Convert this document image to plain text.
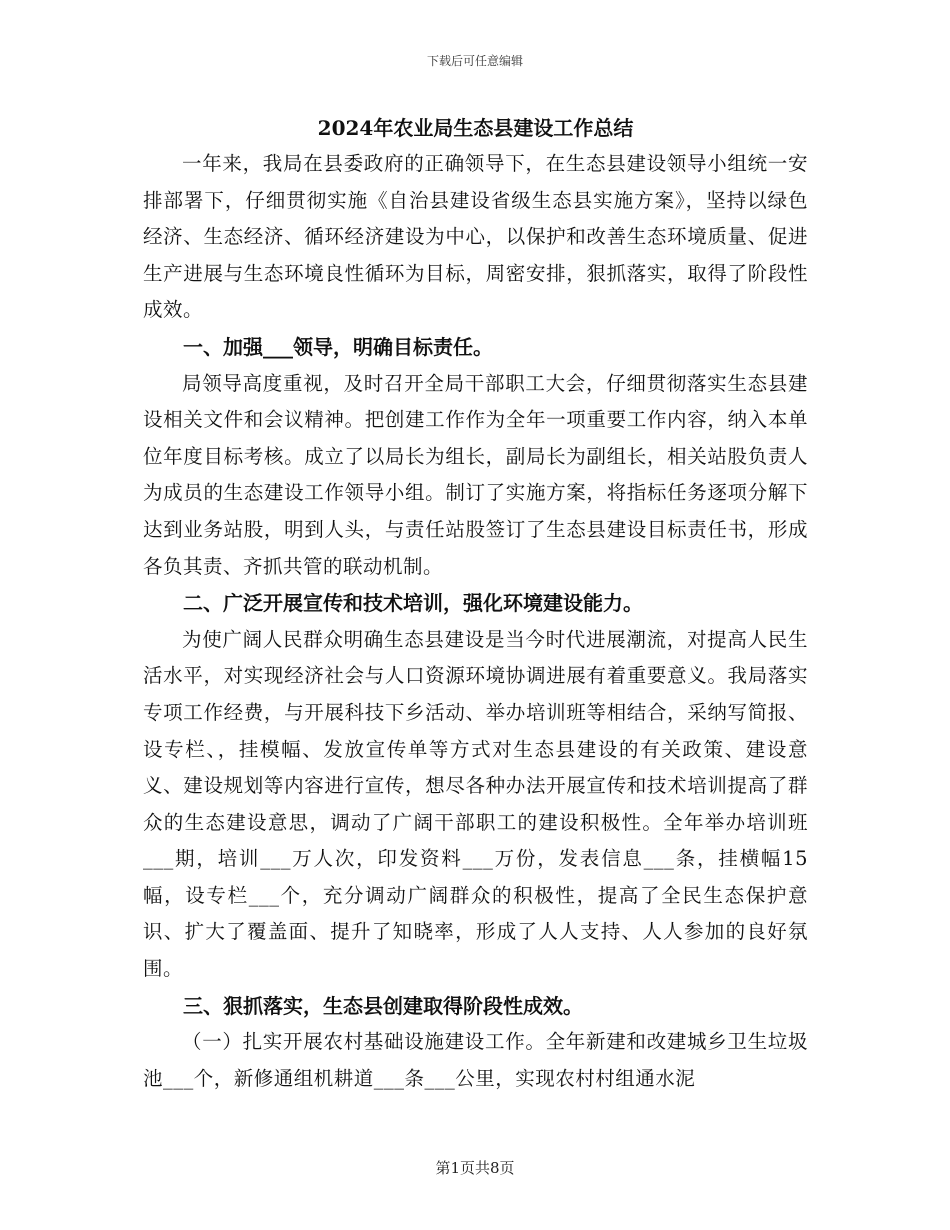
下载后可任意编辑

2024年农业局生态县建设工作总结

一年来，我局在县委政府的正确领导下，在生态县建设领导小组统一安排部署下，仔细贯彻实施《自治县建设省级生态县实施方案》，坚持以绿色经济、生态经济、循环经济建设为中心，以保护和改善生态环境质量、促进生产进展与生态环境良性循环为目标，周密安排，狠抓落实，取得了阶段性成效。

一、加强___领导，明确目标责任。

局领导高度重视，及时召开全局干部职工大会，仔细贯彻落实生态县建设相关文件和会议精神。把创建工作作为全年一项重要工作内容，纳入本单位年度目标考核。成立了以局长为组长，副局长为副组长，相关站股负责人为成员的生态建设工作领导小组。制订了实施方案，将指标任务逐项分解下达到业务站股，明到人头，与责任站股签订了生态县建设目标责任书，形成各负其责、齐抓共管的联动机制。

二、广泛开展宣传和技术培训，强化环境建设能力。

为使广阔人民群众明确生态县建设是当今时代进展潮流，对提高人民生活水平，对实现经济社会与人口资源环境协调进展有着重要意义。我局落实专项工作经费，与开展科技下乡活动、举办培训班等相结合，采纳写简报、设专栏、，挂模幅、发放宣传单等方式对生态县建设的有关政策、建设意义、建设规划等内容进行宣传，想尽各种办法开展宣传和技术培训提高了群众的生态建设意思，调动了广阔干部职工的建设积极性。全年举办培训班___期，培训___万人次，印发资料___万份，发表信息___条，挂横幅15幅，设专栏___个，充分调动广阔群众的积极性，提高了全民生态保护意识、扩大了覆盖面、提升了知晓率，形成了人人支持、人人参加的良好氛围。

三、狠抓落实，生态县创建取得阶段性成效。

（一）扎实开展农村基础设施建设工作。全年新建和改建城乡卫生垃圾池___个，新修通组机耕道___条___公里，实现农村村组通水泥

第1页共8页
